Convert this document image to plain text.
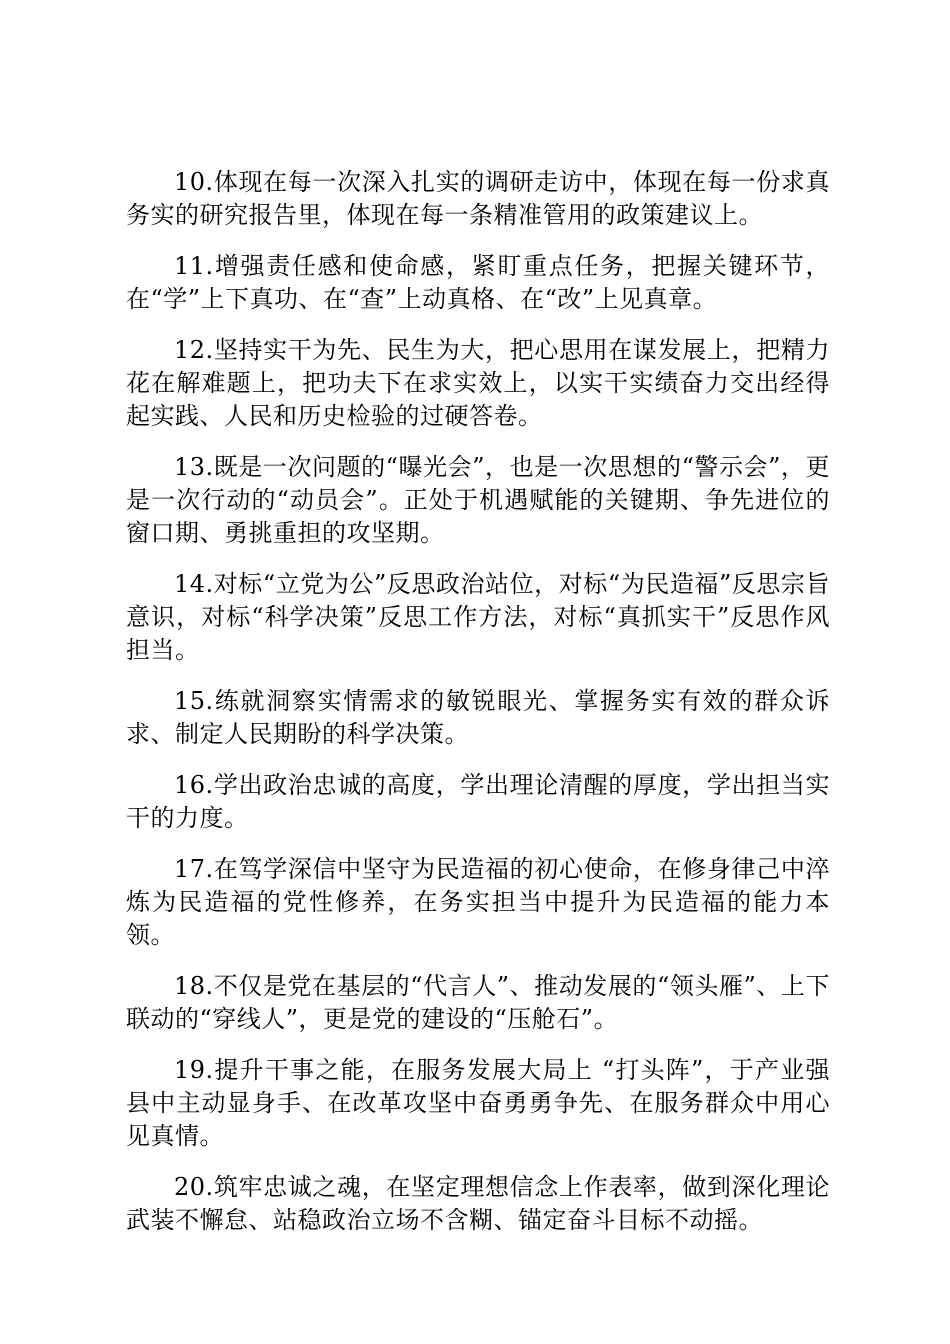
10.体现在每一次深入扎实的调研走访中，体现在每一份求真务实的研究报告里，体现在每一条精准管用的政策建议上。

11.增强责任感和使命感，紧盯重点任务，把握关键环节，在“学”上下真功、在“查”上动真格、在“改”上见真章。

12.坚持实干为先、民生为大，把心思用在谋发展上，把精力花在解难题上，把功夫下在求实效上，以实干实绩奋力交出经得起实践、人民和历史检验的过硬答卷。

13.既是一次问题的“曝光会”，也是一次思想的“警示会”，更是一次行动的“动员会”。正处于机遇赋能的关键期、争先进位的窗口期、勇挑重担的攻坚期。

14.对标“立党为公”反思政治站位，对标“为民造福”反思宗旨意识，对标“科学决策”反思工作方法，对标“真抓实干”反思作风担当。

15.练就洞察实情需求的敏锐眼光、掌握务实有效的群众诉求、制定人民期盼的科学决策。

16.学出政治忠诚的高度，学出理论清醒的厚度，学出担当实干的力度。

17.在笃学深信中坚守为民造福的初心使命，在修身律己中淬炼为民造福的党性修养，在务实担当中提升为民造福的能力本领。

18.不仅是党在基层的“代言人”、推动发展的“领头雁”、上下联动的“穿线人”，更是党的建设的“压舱石”。

19.提升干事之能，在服务发展大局上 “打头阵”，于产业强县中主动显身手、在改革攻坚中奋勇勇争先、在服务群众中用心见真情。

20.筑牢忠诚之魂，在坚定理想信念上作表率，做到深化理论武装不懈怠、站稳政治立场不含糊、锚定奋斗目标不动摇。
